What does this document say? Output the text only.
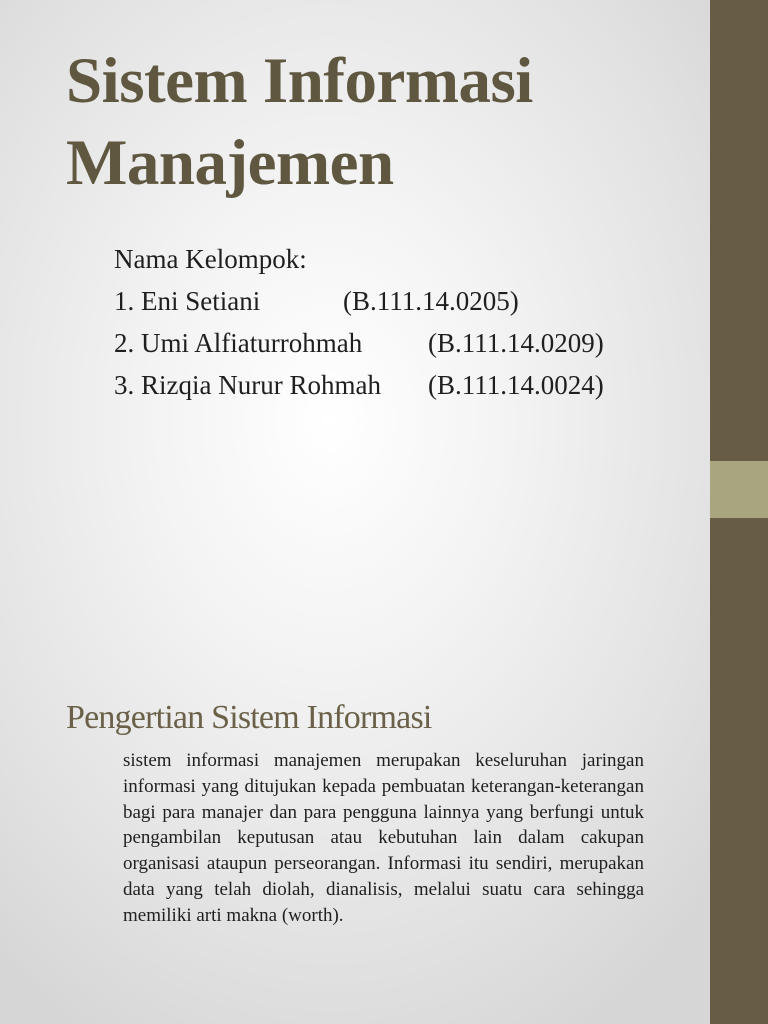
Sistem Informasi Manajemen
Nama Kelompok:
1. Eni Setiani	(B.111.14.0205)
2. Umi Alfiaturrohmah (B.111.14.0209)
3. Rizqia Nurur Rohmah (B.111.14.0024)
Pengertian Sistem Informasi

sistem informasi manajemen merupakan keseluruhan jaringan informasi yang ditujukan kepada pembuatan keterangan-keterangan bagi para manajer dan para pengguna lainnya yang berfungi untuk pengambilan keputusan atau kebutuhan lain dalam cakupan organisasi ataupun perseorangan. Informasi itu sendiri, merupakan data yang telah diolah, dianalisis, melalui suatu cara sehingga memiliki arti makna (worth).
